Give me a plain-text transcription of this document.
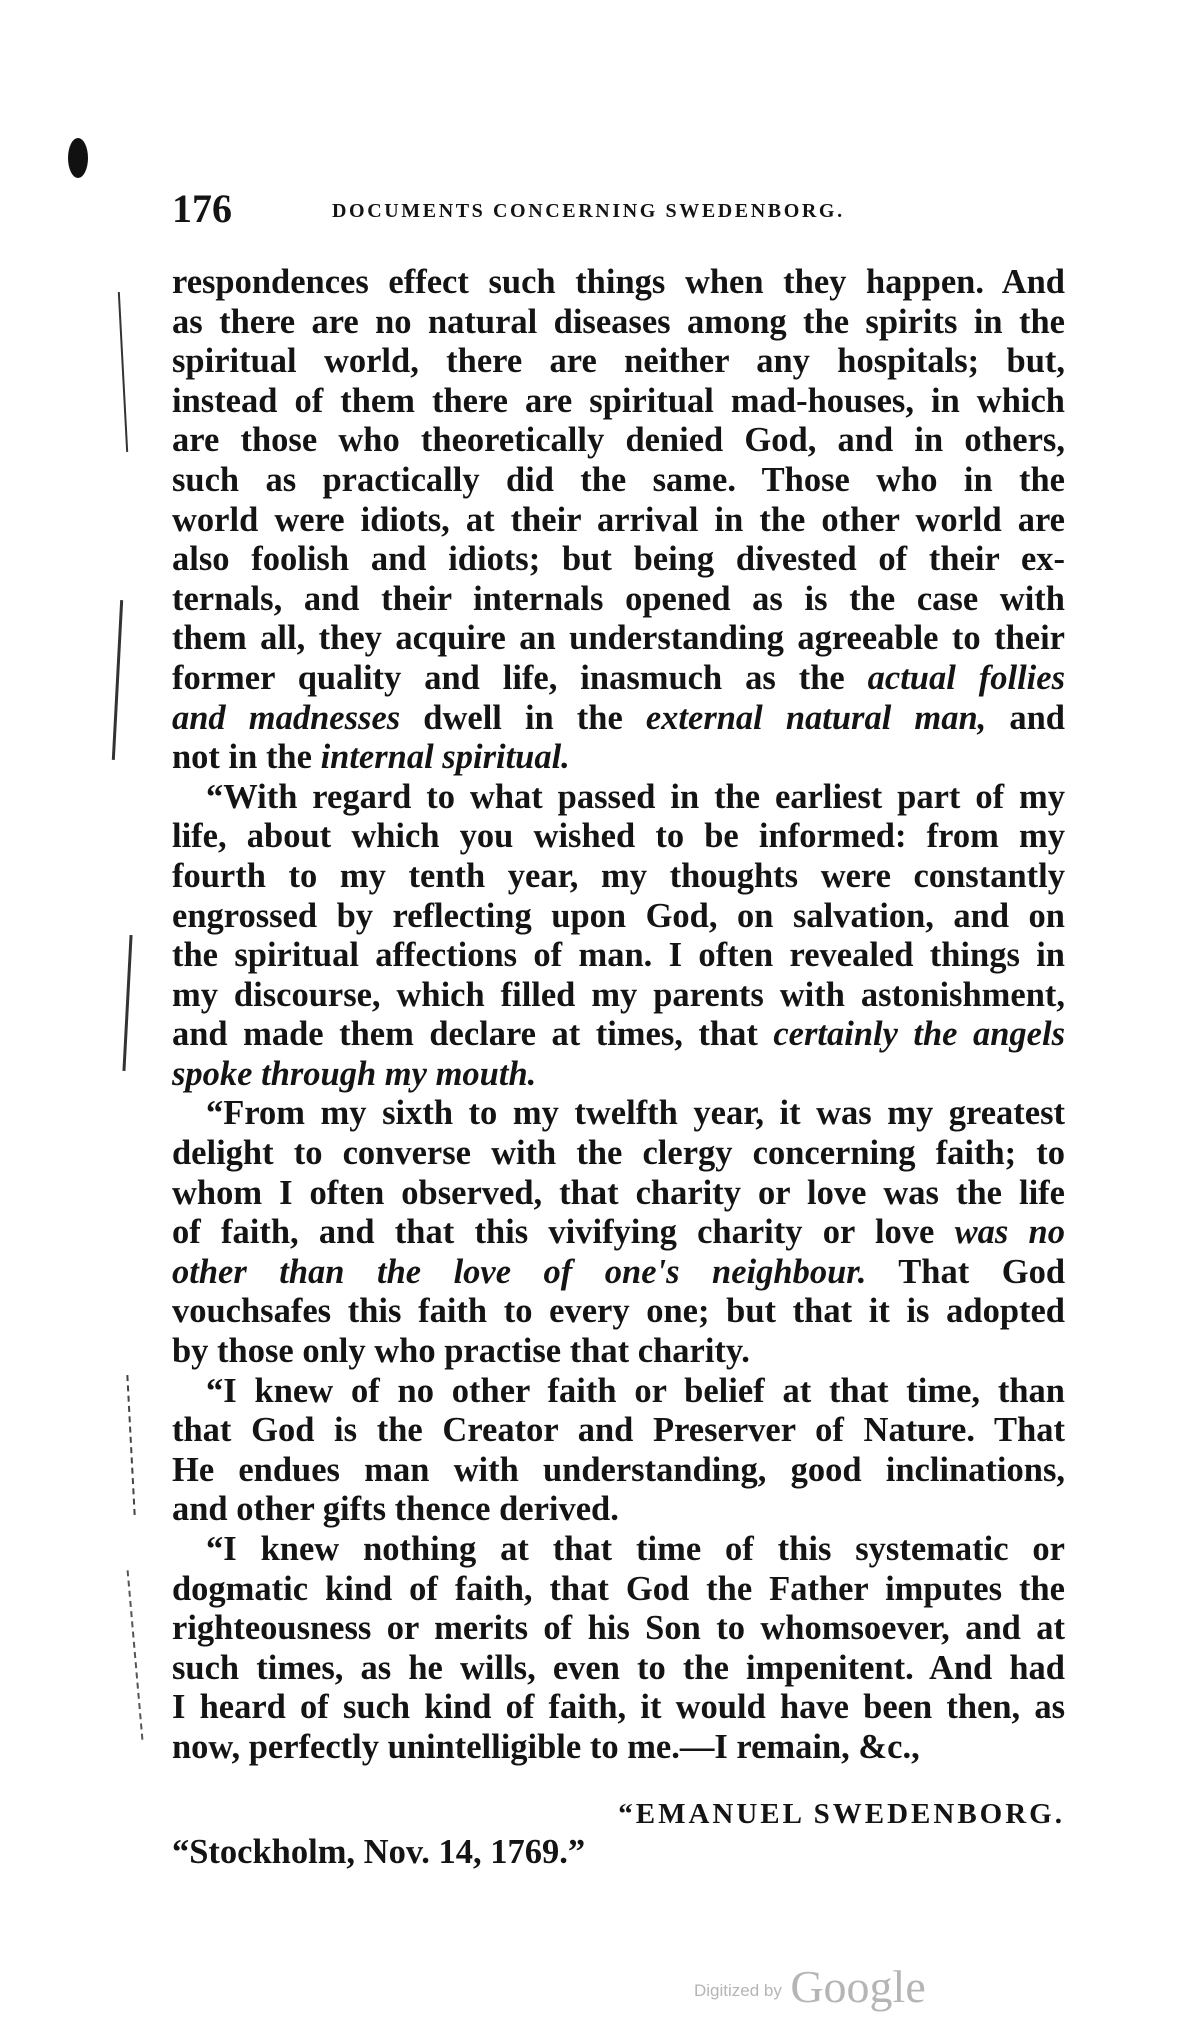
176	DOCUMENTS CONCERNING SWEDENBORG.
respondences effect such things when they happen. And
as there are no natural diseases among the spirits in the
spiritual world, there are neither any hospitals; but,
instead of them there are spiritual mad-houses, in which
are those who theoretically denied God, and in others,
such as practically did the same. Those who in the
world were idiots, at their arrival in the other world are
also foolish and idiots; but being divested of their ex-
ternals, and their internals opened as is the case with
them all, they acquire an understanding agreeable to their
former quality and life, inasmuch as the actual follies
and madnesses dwell in the external natural man, and
not in the internal spiritual.
“With regard to what passed in the earliest part of my
life, about which you wished to be informed: from my
fourth to my tenth year, my thoughts were constantly
engrossed by reflecting upon God, on salvation, and on
the spiritual affections of man. I often revealed things in
my discourse, which filled my parents with astonishment,
and made them declare at times, that certainly the angels
spoke through my mouth.
“From my sixth to my twelfth year, it was my greatest
delight to converse with the clergy concerning faith; to
whom I often observed, that charity or love was the life
of faith, and that this vivifying charity or love was no
other than the love of one's neighbour. That God
vouchsafes this faith to every one; but that it is adopted
by those only who practise that charity.
“I knew of no other faith or belief at that time, than
that God is the Creator and Preserver of Nature. That
He endues man with understanding, good inclinations,
and other gifts thence derived.
“I knew nothing at that time of this systematic or
dogmatic kind of faith, that God the Father imputes the
righteousness or merits of his Son to whomsoever, and at
such times, as he wills, even to the impenitent. And had
I heard of such kind of faith, it would have been then, as
now, perfectly unintelligible to me.—I remain, &c.,
“EMANUEL SWEDENBORG.
“Stockholm, Nov. 14, 1769.”
Digitized by Google
